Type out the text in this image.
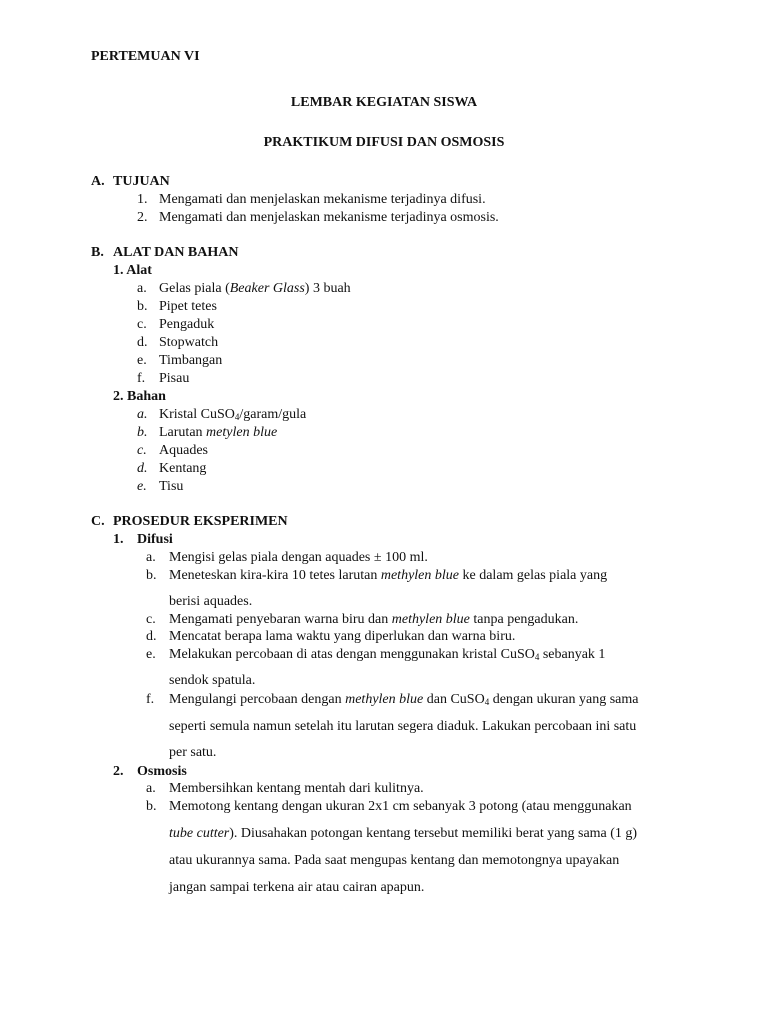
PERTEMUAN VI
LEMBAR KEGIATAN SISWA
PRAKTIKUM DIFUSI DAN OSMOSIS
A. TUJUAN
1. Mengamati dan menjelaskan mekanisme terjadinya difusi.
2. Mengamati dan menjelaskan mekanisme terjadinya osmosis.
B. ALAT DAN BAHAN
1. Alat
a. Gelas piala (Beaker Glass) 3 buah
b. Pipet tetes
c. Pengaduk
d. Stopwatch
e. Timbangan
f. Pisau
2. Bahan
a. Kristal CuSO$_4$/garam/gula
b. Larutan metylen blue
c. Aquades
d. Kentang
e. Tisu
C. PROSEDUR EKSPERIMEN
1. Difusi
a. Mengisi gelas piala dengan aquades ± 100 ml.
b. Meneteskan kira-kira 10 tetes larutan methylen blue ke dalam gelas piala yang
berisi aquades.
c. Mengamati penyebaran warna biru dan methylen blue tanpa pengadukan.
d. Mencatat berapa lama waktu yang diperlukan dan warna biru.
e. Melakukan percobaan di atas dengan menggunakan kristal CuSO$_4$ sebanyak 1
sendok spatula.
f. Mengulangi percobaan dengan methylen blue dan CuSO$_4$ dengan ukuran yang sama
seperti semula namun setelah itu larutan segera diaduk. Lakukan percobaan ini satu
per satu.
2. Osmosis
a. Membersihkan kentang mentah dari kulitnya.
b. Memotong kentang dengan ukuran 2x1 cm sebanyak 3 potong (atau menggunakan
tube cutter). Diusahakan potongan kentang tersebut memiliki berat yang sama (1 g)
atau ukurannya sama. Pada saat mengupas kentang dan memotongnya upayakan
jangan sampai terkena air atau cairan apapun.
